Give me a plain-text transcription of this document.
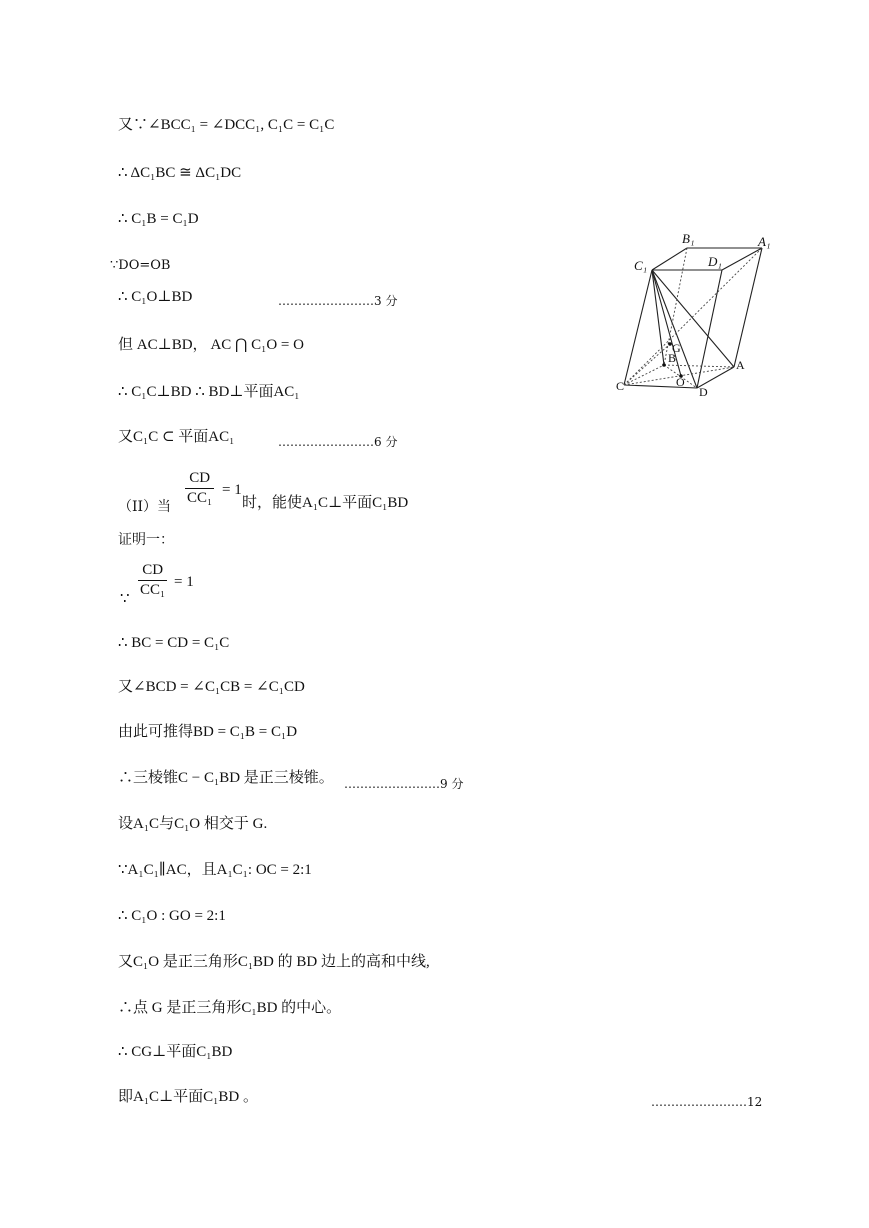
又∵∠BCC₁ = ∠DCC₁, C₁C = C₁C
∴ ΔC₁BC ≅ ΔC₁DC
∴ C₁B = C₁D
∵DO=OB
∴ C₁O⊥BD	……………………3 分
但 AC⊥BD， AC ⋂ C₁O = O
∴ C₁C⊥BD ∴ BD⊥平面AC₁
又C₁C ⊂ 平面AC₁	……………………6 分
（II）当
CD
CC₁ = 1
时，能使A₁C⊥平面C₁BD
证明一：
∵
CD
CC₁ = 1
∴ BC = CD = C₁C
又∠BCD = ∠C₁CB = ∠C₁CD
由此可推得BD = C₁B = C₁D
∴三棱锥C − C₁BD 是正三棱锥。 ……………………9 分
设A₁C与C₁O 相交于 G.
∵A₁C₁∥AC，且A₁C₁: OC = 2:1
∴ C₁O : GO = 2:1
又C₁O 是正三角形C₁BD 的 BD 边上的高和中线,
∴点 G 是正三角形C₁BD 的中心。
∴ CG⊥平面C₁BD
即A₁C⊥平面C₁BD 。	……………………12
B₁	A₁
C₁	D₁
G
B	A
O
C	D
